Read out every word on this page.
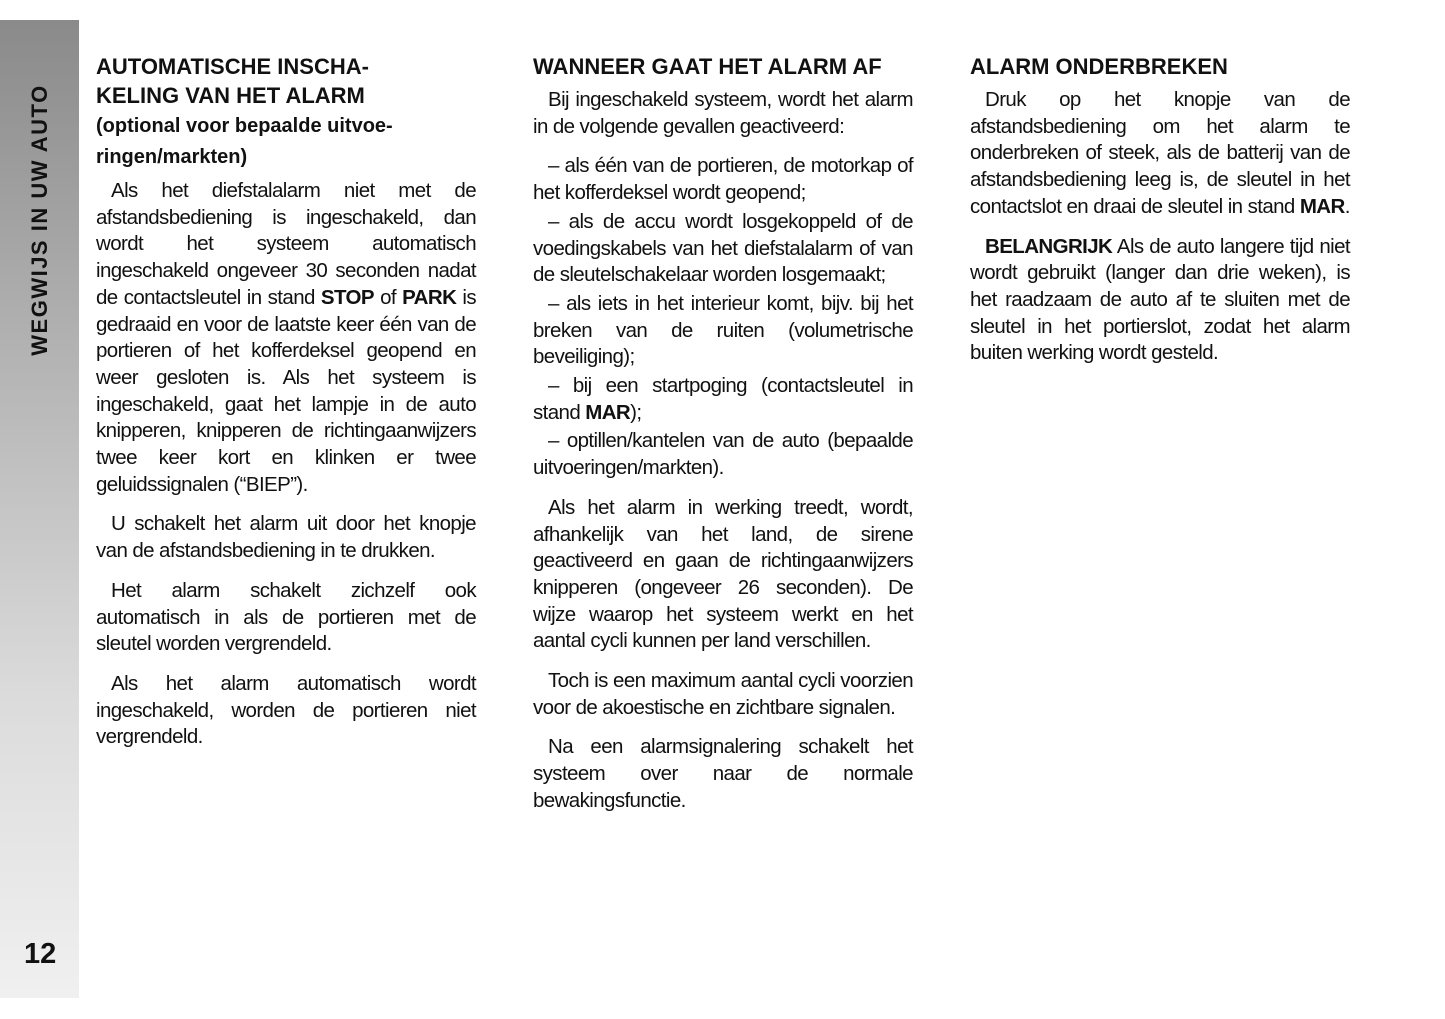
WEGWIJS IN UW AUTO
12
AUTOMATISCHE INSCHA-
KELING VAN HET ALARM
(optional voor bepaalde uitvoe-
ringen/markten)

Als het diefstalalarm niet met de afstandsbediening is ingeschakeld, dan wordt het systeem automatisch ingeschakeld ongeveer 30 seconden nadat de contactsleutel in stand STOP of PARK is gedraaid en voor de laatste keer één van de portieren of het kofferdeksel geopend en weer gesloten is. Als het systeem is ingeschakeld, gaat het lampje in de auto knipperen, knipperen de richtingaanwijzers twee keer kort en klinken er twee geluidssignalen (“BIEP”).

U schakelt het alarm uit door het knopje van de afstandsbediening in te drukken.

Het alarm schakelt zichzelf ook automatisch in als de portieren met de sleutel worden vergrendeld.

Als het alarm automatisch wordt ingeschakeld, worden de portieren niet vergrendeld.

WANNEER GAAT HET ALARM AF

Bij ingeschakeld systeem, wordt het alarm in de volgende gevallen geactiveerd:

– als één van de portieren, de motorkap of het kofferdeksel wordt geopend;

– als de accu wordt losgekoppeld of de voedingskabels van het diefstalalarm of van de sleutelschakelaar worden losgemaakt;

– als iets in het interieur komt, bijv. bij het breken van de ruiten (volumetrische beveiliging);

– bij een startpoging (contactsleutel in stand MAR);

– optillen/kantelen van de auto (bepaalde uitvoeringen/markten).

Als het alarm in werking treedt, wordt, afhankelijk van het land, de sirene geactiveerd en gaan de richtingaanwijzers knipperen (ongeveer 26 seconden). De wijze waarop het systeem werkt en het aantal cycli kunnen per land verschillen.

Toch is een maximum aantal cycli voorzien voor de akoestische en zichtbare signalen.

Na een alarmsignalering schakelt het systeem over naar de normale bewakingsfunctie.

ALARM ONDERBREKEN

Druk op het knopje van de afstandsbediening om het alarm te onderbreken of steek, als de batterij van de afstandsbediening leeg is, de sleutel in het contactslot en draai de sleutel in stand MAR.

BELANGRIJK Als de auto langere tijd niet wordt gebruikt (langer dan drie weken), is het raadzaam de auto af te sluiten met de sleutel in het portierslot, zodat het alarm buiten werking wordt gesteld.
